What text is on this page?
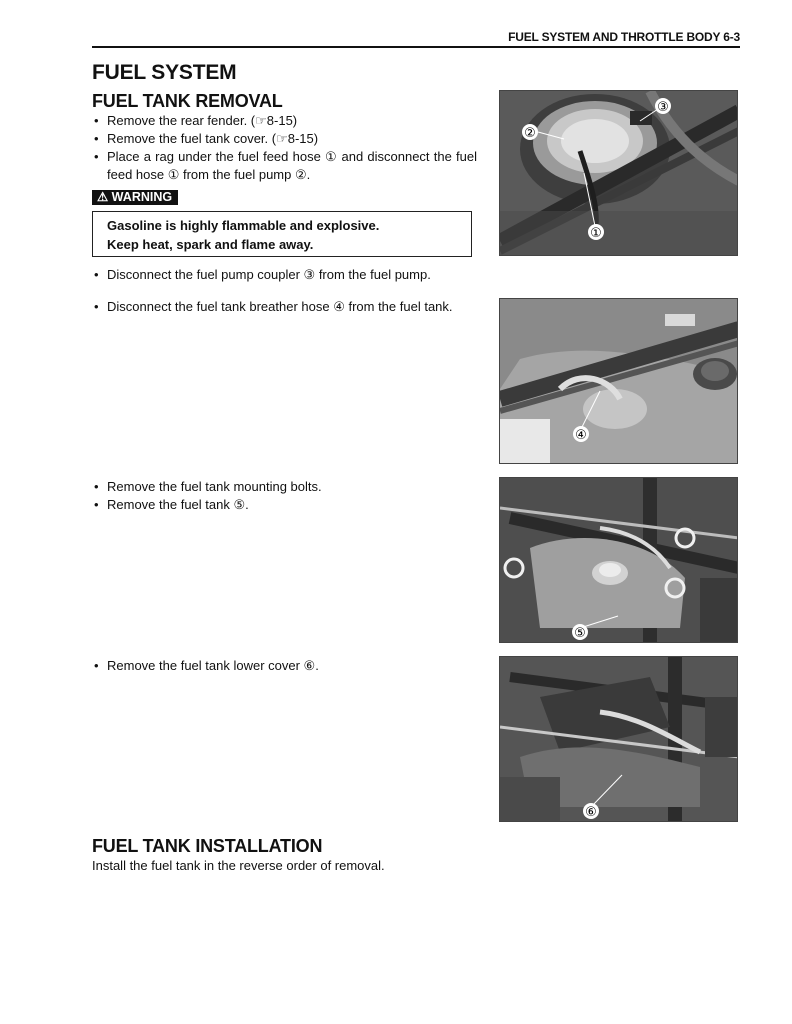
FUEL SYSTEM AND THROTTLE BODY 6-3
FUEL SYSTEM
FUEL TANK REMOVAL
• Remove the rear fender. (☞8-15)
• Remove the fuel tank cover. (☞8-15)
• Place a rag under the fuel feed hose ① and disconnect the fuel feed hose ① from the fuel pump ②.
⚠ WARNING
Gasoline is highly flammable and explosive.
Keep heat, spark and flame away.
• Disconnect the fuel pump coupler ③ from the fuel pump.
• Disconnect the fuel tank breather hose ④ from the fuel tank.
• Remove the fuel tank mounting bolts.
• Remove the fuel tank ⑤.
• Remove the fuel tank lower cover ⑥.
FUEL TANK INSTALLATION

Install the fuel tank in the reverse order of removal.

③
②
①
④
⑤
⑥
